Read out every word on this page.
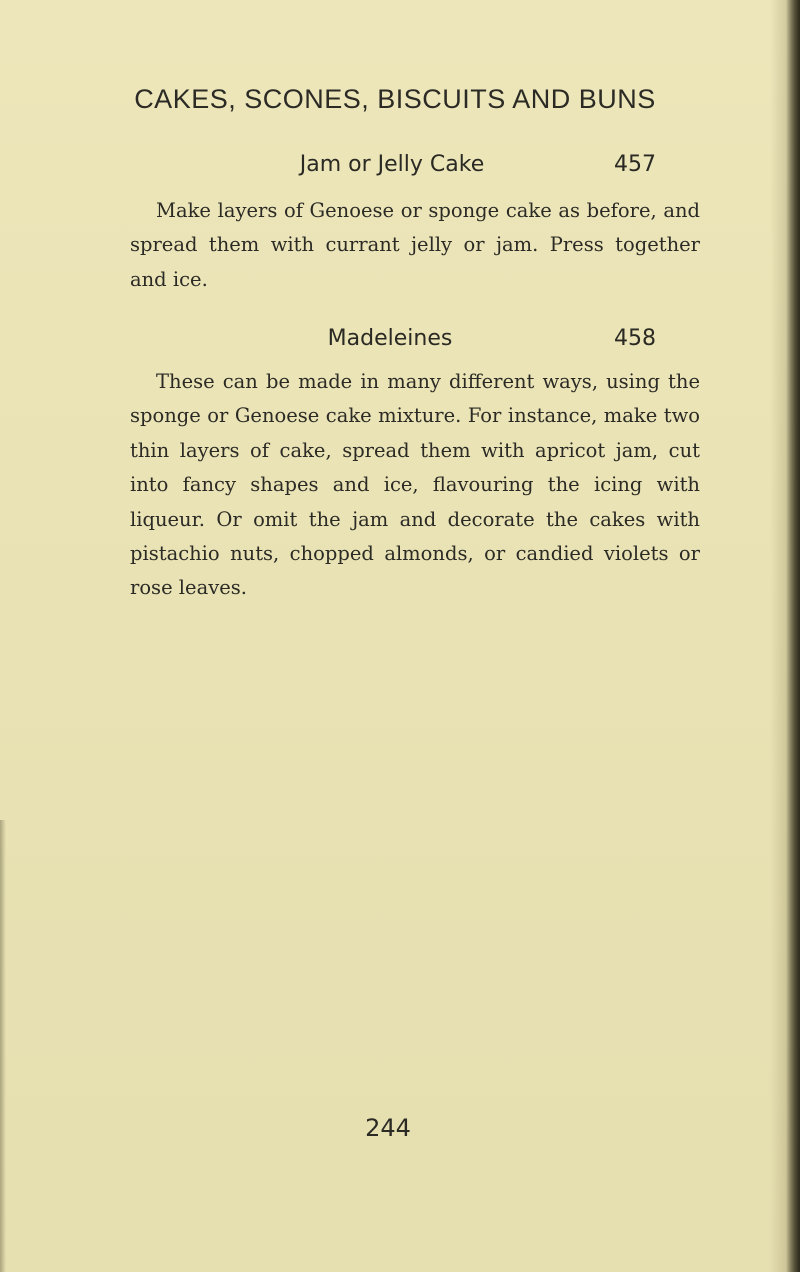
CAKES, SCONES, BISCUITS AND BUNS
Jam or Jelly Cake	457

Make layers of Genoese or sponge cake as before, and spread them with currant jelly or jam. Press together and ice.

Madeleines	458

These can be made in many different ways, using the sponge or Genoese cake mixture. For instance, make two thin layers of cake, spread them with apricot jam, cut into fancy shapes and ice, flavouring the icing with liqueur. Or omit the jam and decorate the cakes with pistachio nuts, chopped almonds, or candied violets or rose leaves.

244
